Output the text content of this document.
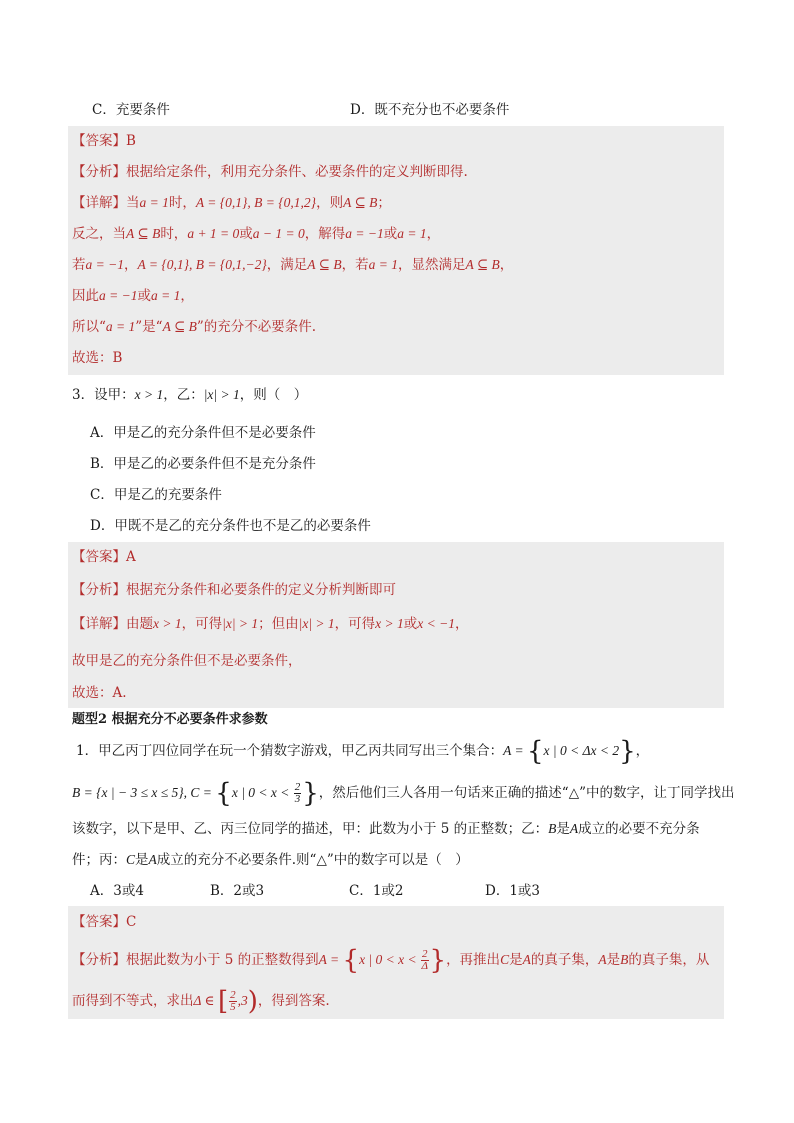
C．充要条件	D．既不充分也不必要条件
【答案】B
【分析】根据给定条件，利用充分条件、必要条件的定义判断即得.
【详解】当a = 1时，A = {0,1}, B = {0,1,2}，则A ⊆ B；
反之，当A ⊆ B时，a + 1 = 0或a − 1 = 0，解得a = −1或a = 1，
若a = −1，A = {0,1}, B = {0,1,−2}，满足A ⊆ B，若a = 1，显然满足A ⊆ B，
因此a = −1或a = 1，
所以“a = 1”是“A ⊆ B”的充分不必要条件.
故选：B
3．设甲：x > 1，乙：|x| > 1，则（　）
A．甲是乙的充分条件但不是必要条件
B．甲是乙的必要条件但不是充分条件
C．甲是乙的充要条件
D．甲既不是乙的充分条件也不是乙的必要条件
【答案】A
【分析】根据充分条件和必要条件的定义分析判断即可
【详解】由题x > 1，可得|x| > 1；但由|x| > 1，可得x > 1或x < −1，
故甲是乙的充分条件但不是必要条件，
故选：A.
题型2 根据充分不必要条件求参数
1．甲乙丙丁四位同学在玩一个猜数字游戏，甲乙丙共同写出三个集合：A = {x | 0 < Δx < 2}，
B = {x | − 3 ≤ x ≤ 5}, C = {x | $0 < x < \frac{2}{3}$ }，然后他们三人各用一句话来正确的描述“△”中的数字，让丁同学找出
该数字，以下是甲、乙、丙三位同学的描述，甲：此数为小于 5 的正整数；乙：B是A成立的必要不充分条
件；丙：C是A成立的充分不必要条件.则“△”中的数字可以是（　）
A．3或4	B．2或3	C．1或2	D．1或3
【答案】C
【分析】根据此数为小于 5 的正整数得到A = {x | $0 < x < \frac{2}{\Delta}$ }，再推出C是A的真子集，A是B的真子集，从
而得到不等式，求出Δ ∈ [ $\frac{2}{5} ,3$)，得到答案.
